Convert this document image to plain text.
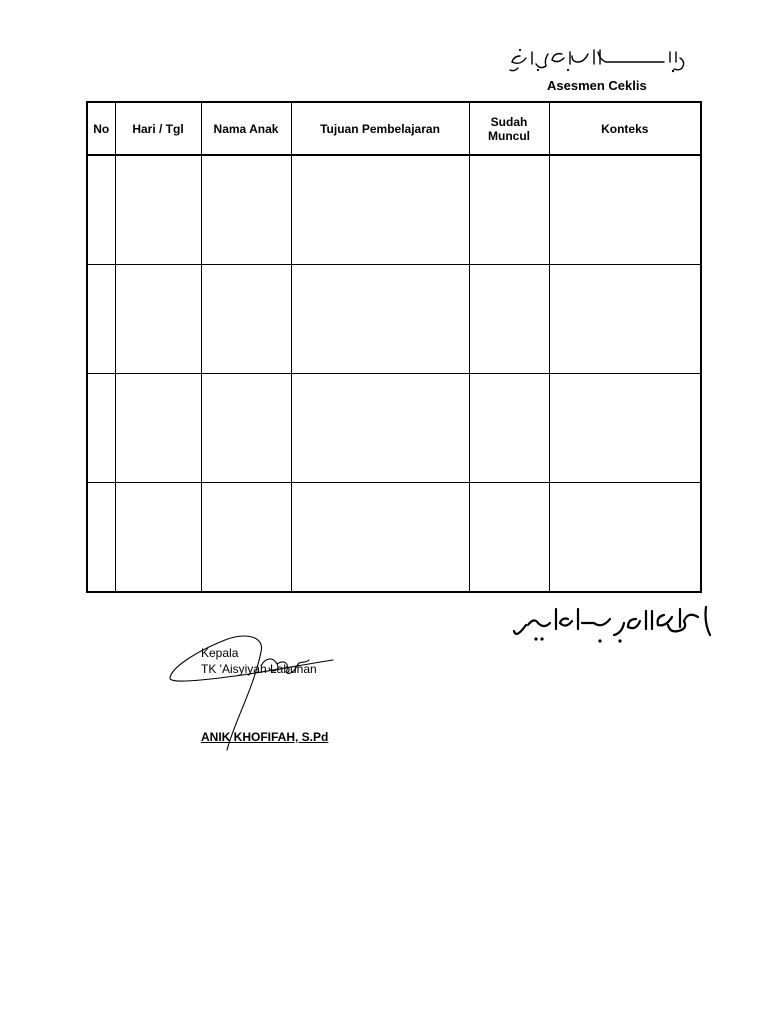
Asesmen Ceklis
No	Hari / Tgl	Nama Anak	Tujuan Pembelajaran	Sudah Muncul	Konteks

Kepala
TK 'Aisyiyah Labuhan
ANIK KHOFIFAH, S.Pd
